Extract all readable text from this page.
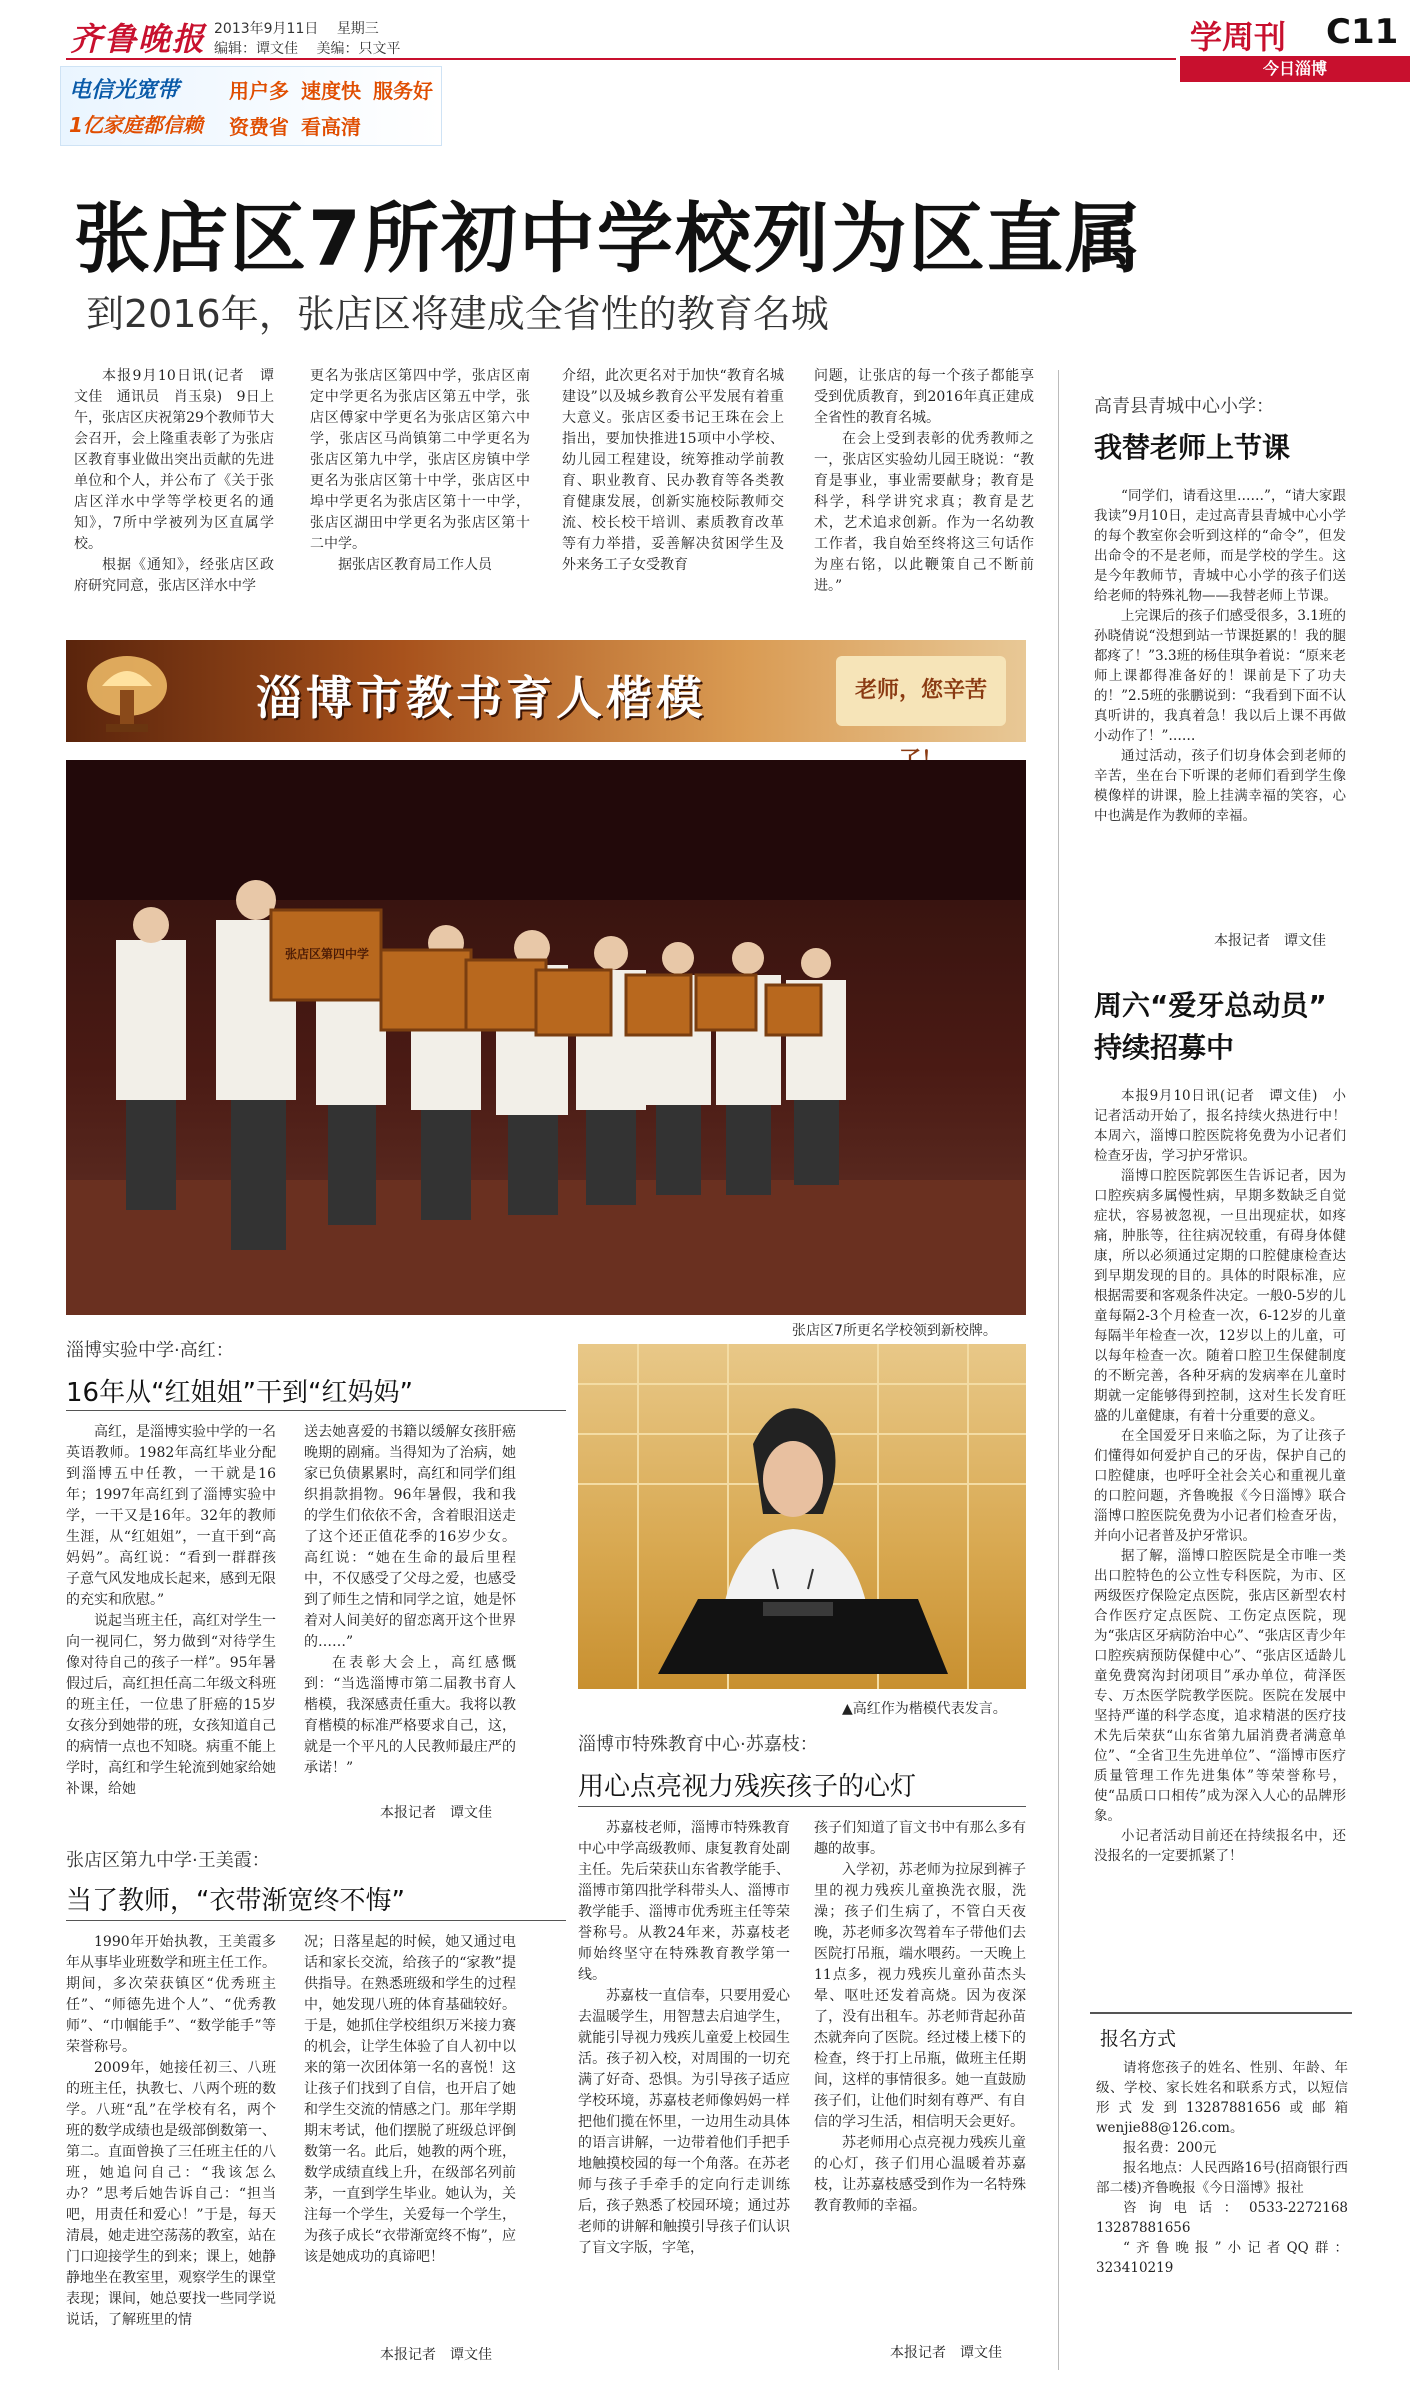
齐鲁晚报 2013年9月11日 星期三
编辑：谭文佳 美编：只文平	学周刊 C11
今日淄博
电信光宽带
1亿家庭都信赖
用户多 速度快 服务好
资费省 看高清
张店区7所初中学校列为区直属
到2016年，张店区将建成全省性的教育名城

本报9月10日讯(记者　谭文佳　通讯员　肖玉泉)　9日上午，张店区庆祝第29个教师节大会召开，会上隆重表彰了为张店区教育事业做出突出贡献的先进单位和个人，并公布了《关于张店区洋水中学等学校更名的通知》，7所中学被列为区直属学校。

根据《通知》，经张店区政府研究同意，张店区洋水中学

更名为张店区第四中学，张店区南定中学更名为张店区第五中学，张店区傅家中学更名为张店区第六中学，张店区马尚镇第二中学更名为张店区第九中学，张店区房镇中学更名为张店区第十中学，张店区中埠中学更名为张店区第十一中学，张店区湖田中学更名为张店区第十二中学。

据张店区教育局工作人员

介绍，此次更名对于加快“教育名城建设”以及城乡教育公平发展有着重大意义。张店区委书记王珠在会上指出，要加快推进15项中小学校、幼儿园工程建设，统筹推动学前教育、职业教育、民办教育等各类教育健康发展，创新实施校际教师交流、校长校干培训、素质教育改革等有力举措，妥善解决贫困学生及外来务工子女受教育

问题，让张店的每一个孩子都能享受到优质教育，到2016年真正建成全省性的教育名城。

在会上受到表彰的优秀教师之一，张店区实验幼儿园王晓说：“教育是事业，事业需要献身；教育是科学，科学讲究求真；教育是艺术，艺术追求创新。作为一名幼教工作者，我自始至终将这三句话作为座右铭，以此鞭策自己不断前进。”

淄博市教书育人楷模	老师，您辛苦
张店区第四中学
张店区7所更名学校领到新校牌。
淄博实验中学·高红：
16年从“红姐姐”干到“红妈妈”

高红，是淄博实验中学的一名英语教师。1982年高红毕业分配到淄博五中任教，一干就是16年；1997年高红到了淄博实验中学，一干又是16年。32年的教师生涯，从“红姐姐”，一直干到“高妈妈”。高红说：“看到一群群孩子意气风发地成长起来，感到无限的充实和欣慰。”

说起当班主任，高红对学生一向一视同仁，努力做到“对待学生像对待自己的孩子一样”。95年暑假过后，高红担任高二年级文科班的班主任，一位患了肝癌的15岁女孩分到她带的班，女孩知道自己的病情一点也不知晓。病重不能上学时，高红和学生轮流到她家给她补课，给她

送去她喜爱的书籍以缓解女孩肝癌晚期的剧痛。当得知为了治病，她家已负债累累时，高红和同学们组织捐款捐物。96年暑假，我和我的学生们依依不舍，含着眼泪送走了这个还正值花季的16岁少女。高红说：“她在生命的最后里程中，不仅感受了父母之爱，也感受到了师生之情和同学之谊，她是怀着对人间美好的留恋离开这个世界的……”

在表彰大会上，高红感慨到：“当选淄博市第二届教书育人楷模，我深感责任重大。我将以教育楷模的标准严格要求自己，这，就是一个平凡的人民教师最庄严的承诺！”

本报记者　谭文佳
▲高红作为楷模代表发言。
淄博市特殊教育中心·苏嘉枝：
用心点亮视力残疾孩子的心灯

苏嘉枝老师，淄博市特殊教育中心中学高级教师、康复教育处副主任。先后荣获山东省教学能手、淄博市第四批学科带头人、淄博市教学能手、淄博市优秀班主任等荣誉称号。从教24年来，苏嘉枝老师始终坚守在特殊教育教学第一线。

苏嘉枝一直信奉，只要用爱心去温暖学生，用智慧去启迪学生，就能引导视力残疾儿童爱上校园生活。孩子初入校，对周围的一切充满了好奇、恐惧。为引导孩子适应学校环境，苏嘉枝老师像妈妈一样把他们揽在怀里，一边用生动具体的语言讲解，一边带着他们手把手地触摸校园的每一个角落。在苏老师与孩子手牵手的定向行走训练后，孩子熟悉了校园环境；通过苏老师的讲解和触摸引导孩子们认识了盲文字版，字笔，

孩子们知道了盲文书中有那么多有趣的故事。

入学初，苏老师为拉尿到裤子里的视力残疾儿童换洗衣服，洗澡；孩子们生病了，不管白天夜晚，苏老师多次驾着车子带他们去医院打吊瓶，端水喂药。一天晚上11点多，视力残疾儿童孙苗杰头晕、呕吐还发着高烧。因为夜深了，没有出租车。苏老师背起孙苗杰就奔向了医院。经过楼上楼下的检查，终于打上吊瓶，做班主任期间，这样的事情很多。她一直鼓励孩子们，让他们时刻有尊严、有自信的学习生活，相信明天会更好。

苏老师用心点亮视力残疾儿童的心灯，孩子们用心温暖着苏嘉枝，让苏嘉枝感受到作为一名特殊教育教师的幸福。

本报记者　谭文佳
张店区第九中学·王美霞：
当了教师，“衣带渐宽终不悔”

1990年开始执教，王美霞多年从事毕业班数学和班主任工作。期间，多次荣获镇区“优秀班主任”、“师德先进个人”、“优秀教师”、“巾帼能手”、“数学能手”等荣誉称号。

2009年，她接任初三、八班的班主任，执教七、八两个班的数学。八班“乱”在学校有名，两个班的数学成绩也是级部倒数第一、第二。直面曾换了三任班主任的八班，她追问自己：“我该怎么办？”思考后她告诉自己：“担当吧，用责任和爱心！”于是，每天清晨，她走进空荡荡的教室，站在门口迎接学生的到来；课上，她静静地坐在教室里，观察学生的课堂表现；课间，她总要找一些同学说说话，了解班里的情

况；日落星起的时候，她又通过电话和家长交流，给孩子的“家教”提供指导。在熟悉班级和学生的过程中，她发现八班的体育基础较好。于是，她抓住学校组织万米接力赛的机会，让学生体验了自人初中以来的第一次团体第一名的喜悦！这让孩子们找到了自信，也开启了她和学生交流的情感之门。那年学期期末考试，他们摆脱了班级总评倒数第一名。此后，她教的两个班，数学成绩直线上升，在级部名列前茅，一直到学生毕业。她认为，关注每一个学生，关爱每一个学生，为孩子成长“衣带渐宽终不悔”，应该是她成功的真谛吧！

本报记者　谭文佳
高青县青城中心小学：
我替老师上节课

“同学们，请看这里……”，“请大家跟我读”9月10日，走过高青县青城中心小学的每个教室你会听到这样的“命令”，但发出命令的不是老师，而是学校的学生。这是今年教师节，青城中心小学的孩子们送给老师的特殊礼物——我替老师上节课。

上完课后的孩子们感受很多，3.1班的孙晓倩说“没想到站一节课挺累的！我的腿都疼了！”3.3班的杨佳琪争着说：“原来老师上课都得准备好的！课前是下了功夫的！”2.5班的张鹏说到：“我看到下面不认真听讲的，我真着急！我以后上课不再做小动作了！”……

通过活动，孩子们切身体会到老师的辛苦，坐在台下听课的老师们看到学生像模像样的讲课，脸上挂满幸福的笑容，心中也满是作为教师的幸福。

本报记者　谭文佳
周六“爱牙总动员”
持续招募中

本报9月10日讯(记者　谭文佳)　小记者活动开始了，报名持续火热进行中！本周六，淄博口腔医院将免费为小记者们检查牙齿，学习护牙常识。

淄博口腔医院郭医生告诉记者，因为口腔疾病多属慢性病，早期多数缺乏自觉症状，容易被忽视，一旦出现症状，如疼痛，肿胀等，往往病况较重，有碍身体健康，所以必须通过定期的口腔健康检查达到早期发现的目的。具体的时限标准，应根据需要和客观条件决定。一般0-5岁的儿童每隔2-3个月检查一次，6-12岁的儿童每隔半年检查一次，12岁以上的儿童，可以每年检查一次。随着口腔卫生保健制度的不断完善，各种牙病的发病率在儿童时期就一定能够得到控制，这对生长发育旺盛的儿童健康，有着十分重要的意义。

在全国爱牙日来临之际，为了让孩子们懂得如何爱护自己的牙齿，保护自己的口腔健康，也呼吁全社会关心和重视儿童的口腔问题，齐鲁晚报《今日淄博》联合淄博口腔医院免费为小记者们检查牙齿，并向小记者普及护牙常识。

据了解，淄博口腔医院是全市唯一类出口腔特色的公立性专科医院，为市、区两级医疗保险定点医院，张店区新型农村合作医疗定点医院、工伤定点医院，现为“张店区牙病防治中心”、“张店区青少年口腔疾病预防保健中心”、“张店区适龄儿童免费窝沟封闭项目”承办单位，荷泽医专、万杰医学院教学医院。医院在发展中坚持严谨的科学态度，追求精湛的医疗技术先后荣获“山东省第九届消费者满意单位”、“全省卫生先进单位”、“淄博市医疗质量管理工作先进集体”等荣誉称号，使“品质口口相传”成为深入人心的品牌形象。

小记者活动目前还在持续报名中，还没报名的一定要抓紧了！

报名方式

请将您孩子的姓名、性别、年龄、年级、学校、家长姓名和联系方式，以短信形式发到13287881656或邮箱wenjie88@126.com。

报名费：200元

报名地点：人民西路16号(招商银行西部二楼)齐鲁晚报《今日淄博》报社

咨询电话：0533-2272168　13287881656

“齐鲁晚报”小记者QQ群：323410219
